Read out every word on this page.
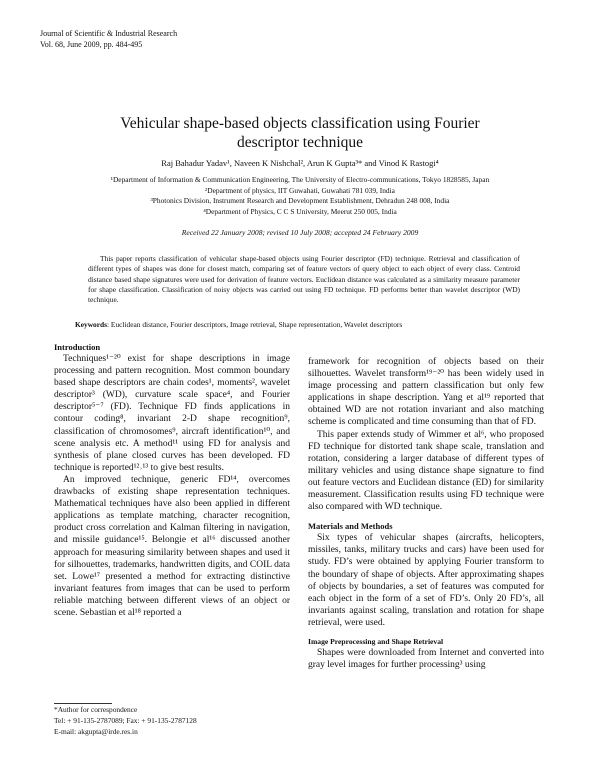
Journal of Scientific & Industrial Research
Vol. 68, June 2009, pp. 484-495
Vehicular shape-based objects classification using Fourier
descriptor technique
Raj Bahadur Yadav¹, Naveen K Nishchal², Arun K Gupta³* and Vinod K Rastogi⁴
¹Department of Information & Communication Engineering, The University of Electro-communications, Tokyo 1828585, Japan
²Department of physics, IIT Guwahati, Guwahati 781 039, India
³Photonics Division, Instrument Research and Development Establishment, Dehradun 248 008, India
⁴Department of Physics, C C S University, Meerut 250 005, India
Received 22 January 2008; revised 10 July 2008; accepted 24 February 2009
This paper reports classification of vehicular shape-based objects using Fourier descriptor (FD) technique. Retrieval and classification of different types of shapes was done for closest match, comparing set of feature vectors of query object to each object of every class. Centroid distance based shape signatures were used for derivation of feature vectors. Euclidean distance was calculated as a similarity measure parameter for shape classification. Classification of noisy objects was carried out using FD technique. FD performs better than wavelet descriptor (WD) technique.
Keywords: Euclidean distance, Fourier descriptors, Image retrieval, Shape representation, Wavelet descriptors
Introduction

Techniques¹⁻²⁰ exist for shape descriptions in image processing and pattern recognition. Most common boundary based shape descriptors are chain codes¹, moments², wavelet descriptor³ (WD), curvature scale space⁴, and Fourier descriptor⁵⁻⁷ (FD). Technique FD finds applications in contour coding⁸, invariant 2-D shape recognition⁹, classification of chromosomes⁹, aircraft identification¹⁰, and scene analysis etc. A method¹¹ using FD for analysis and synthesis of plane closed curves has been developed. FD technique is reported¹²˒¹³ to give best results.

An improved technique, generic FD¹⁴, overcomes drawbacks of existing shape representation techniques. Mathematical techniques have also been applied in different applications as template matching, character recognition, product cross correlation and Kalman filtering in navigation, and missile guidance¹⁵. Belongie et al¹⁶ discussed another approach for measuring similarity between shapes and used it for silhouettes, trademarks, handwritten digits, and COIL data set. Lowe¹⁷ presented a method for extracting distinctive invariant features from images that can be used to perform reliable matching between different views of an object or scene. Sebastian et al¹⁸ reported a

framework for recognition of objects based on their silhouettes. Wavelet transform¹⁹⁻²⁰ has been widely used in image processing and pattern classification but only few applications in shape description. Yang et al¹⁹ reported that obtained WD are not rotation invariant and also matching scheme is complicated and time consuming than that of FD.

This paper extends study of Wimmer et al⁶, who proposed FD technique for distorted tank shape scale, translation and rotation, considering a larger database of different types of military vehicles and using distance shape signature to find out feature vectors and Euclidean distance (ED) for similarity measurement. Classification results using FD technique were also compared with WD technique.

Materials and Methods

Six types of vehicular shapes (aircrafts, helicopters, missiles, tanks, military trucks and cars) have been used for study. FD’s were obtained by applying Fourier transform to the boundary of shape of objects. After approximating shapes of objects by boundaries, a set of features was computed for each object in the form of a set of FD’s. Only 20 FD’s, all invariants against scaling, translation and rotation for shape retrieval, were used.

Image Preprocessing and Shape Retrieval

Shapes were downloaded from Internet and converted into gray level images for further processing³ using

*Author for correspondence
Tel: + 91-135-2787089; Fax: + 91-135-2787128
E-mail: akgupta@irde.res.in
